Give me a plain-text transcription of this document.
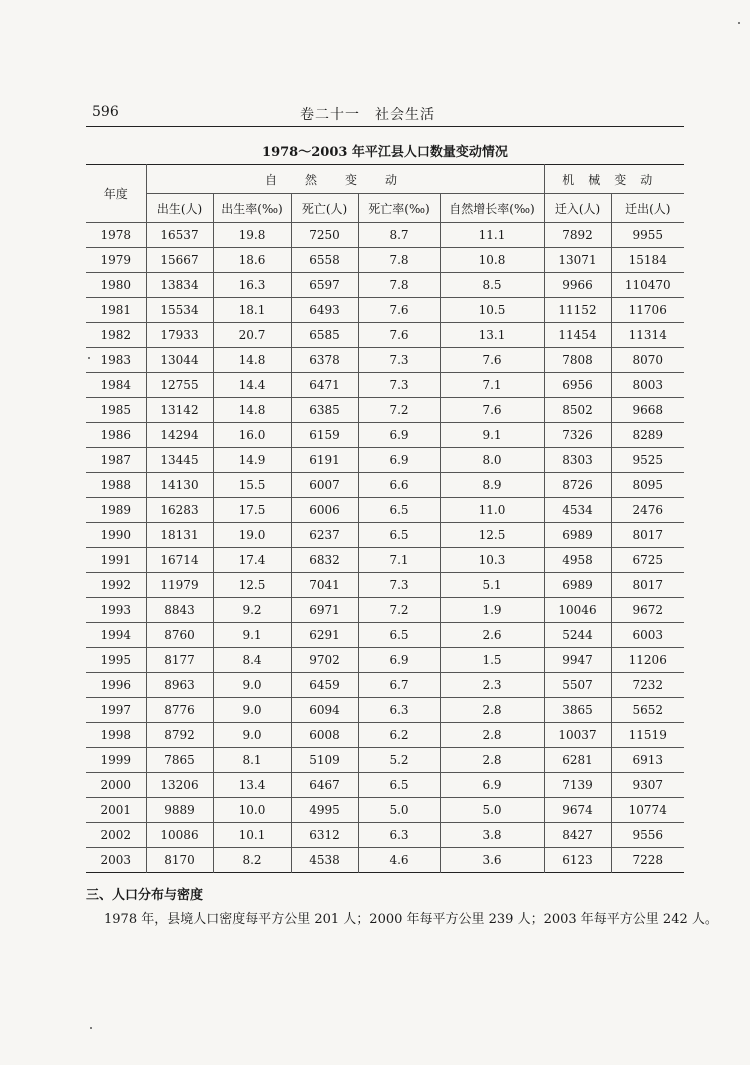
596	卷二十一　社会生活
1978～2003 年平江县人口数量变动情况
年度	自然变动					机械变动	
	出生(人)	出生率(‰)	死亡(人)	死亡率(‰)	自然增长率(‰)	迁入(人)	迁出(人)
1978	16537	19.8	7250	8.7	11.1	7892	9955
1979	15667	18.6	6558	7.8	10.8	13071	15184
1980	13834	16.3	6597	7.8	8.5	9966	110470
1981	15534	18.1	6493	7.6	10.5	11152	11706
1982	17933	20.7	6585	7.6	13.1	11454	11314
1983	13044	14.8	6378	7.3	7.6	7808	8070
1984	12755	14.4	6471	7.3	7.1	6956	8003
1985	13142	14.8	6385	7.2	7.6	8502	9668
1986	14294	16.0	6159	6.9	9.1	7326	8289
1987	13445	14.9	6191	6.9	8.0	8303	9525
1988	14130	15.5	6007	6.6	8.9	8726	8095
1989	16283	17.5	6006	6.5	11.0	4534	2476
1990	18131	19.0	6237	6.5	12.5	6989	8017
1991	16714	17.4	6832	7.1	10.3	4958	6725
1992	11979	12.5	7041	7.3	5.1	6989	8017
1993	8843	9.2	6971	7.2	1.9	10046	9672
1994	8760	9.1	6291	6.5	2.6	5244	6003
1995	8177	8.4	9702	6.9	1.5	9947	11206
1996	8963	9.0	6459	6.7	2.3	5507	7232
1997	8776	9.0	6094	6.3	2.8	3865	5652
1998	8792	9.0	6008	6.2	2.8	10037	11519
1999	7865	8.1	5109	5.2	2.8	6281	6913
2000	13206	13.4	6467	6.5	6.9	7139	9307
2001	9889	10.0	4995	5.0	5.0	9674	10774
2002	10086	10.1	6312	6.3	3.8	8427	9556
2003	8170	8.2	4538	4.6	3.6	6123	7228
三、人口分布与密度
1978 年，县境人口密度每平方公里 201 人；2000 年每平方公里 239 人；2003 年每平方公里 242 人。
